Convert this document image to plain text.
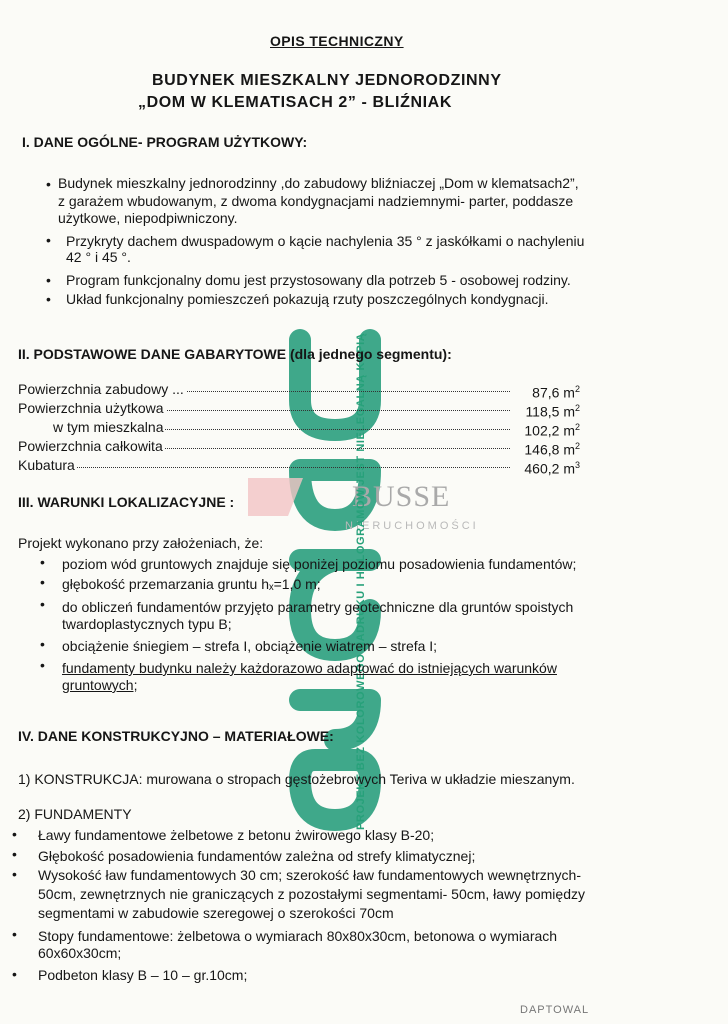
BUSSE
NIERUCHOMOŚCI
PROJEKT BEZ KOLOROWEGO NADRUKU I HOLOGRAMÓW JEST NIELEGALNĄ KOPIĄ
OPIS TECHNICZNY
BUDYNEK MIESZKALNY JEDNORODZINNY
„DOM W KLEMATISACH 2” - BLIŹNIAK
I. DANE OGÓLNE- PROGRAM UŻYTKOWY:
• Budynek mieszkalny jednorodzinny ,do zabudowy bliźniaczej „Dom w klematsach2”,
z garażem wbudowanym, z dwoma kondygnacjami nadziemnymi- parter, poddasze
użytkowe, niepodpiwniczony.
• Przykryty dachem dwuspadowym o kącie nachylenia 35 ° z jaskółkami o nachyleniu
42 ° i 45 °.
• Program funkcjonalny domu jest przystosowany dla potrzeb 5 - osobowej rodziny.
• Układ funkcjonalny pomieszczeń pokazują rzuty poszczególnych kondygnacji.
II. PODSTAWOWE DANE GABARYTOWE (dla jednego segmentu):
Powierzchnia zabudowy ...	87,6 $m^2$
Powierzchnia użytkowa	118,5 $m^2$
w tym mieszkalna	102,2 $m^2$
Powierzchnia całkowita	146,8 $m^2$
Kubatura	460,2 $m^3$
III. WARUNKI LOKALIZACYJNE :
Projekt wykonano przy założeniach, że:
• poziom wód gruntowych znajduje się poniżej poziomu posadowienia fundamentów;
• głębokość przemarzania gruntu hₓ=1,0 m;
• do obliczeń fundamentów przyjęto parametry geotechniczne dla gruntów spoistych
twardoplastycznych typu B;
• obciążenie śniegiem – strefa I, obciążenie wiatrem – strefa I;
• fundamenty budynku należy każdorazowo adaptować do istniejących warunków
gruntowych;
IV. DANE KONSTRUKCYJNO – MATERIAŁOWE:
1) KONSTRUKCJA: murowana o stropach gęstożebrowych Teriva w układzie mieszanym.
2) FUNDAMENTY
• Ławy fundamentowe żelbetowe z betonu żwirowego klasy B-20;
• Głębokość posadowienia fundamentów zależna od strefy klimatycznej;
• Wysokość ław fundamentowych 30 cm; szerokość ław fundamentowych wewnętrznych-
50cm, zewnętrznych nie graniczących z pozostałymi segmentami- 50cm, ławy pomiędzy
segmentami w zabudowie szeregowej o szerokości 70cm
• Stopy fundamentowe: żelbetowa o wymiarach 80x80x30cm, betonowa o wymiarach
60x60x30cm;
• Podbeton klasy B – 10 – gr.10cm;
DAPTOWAL
